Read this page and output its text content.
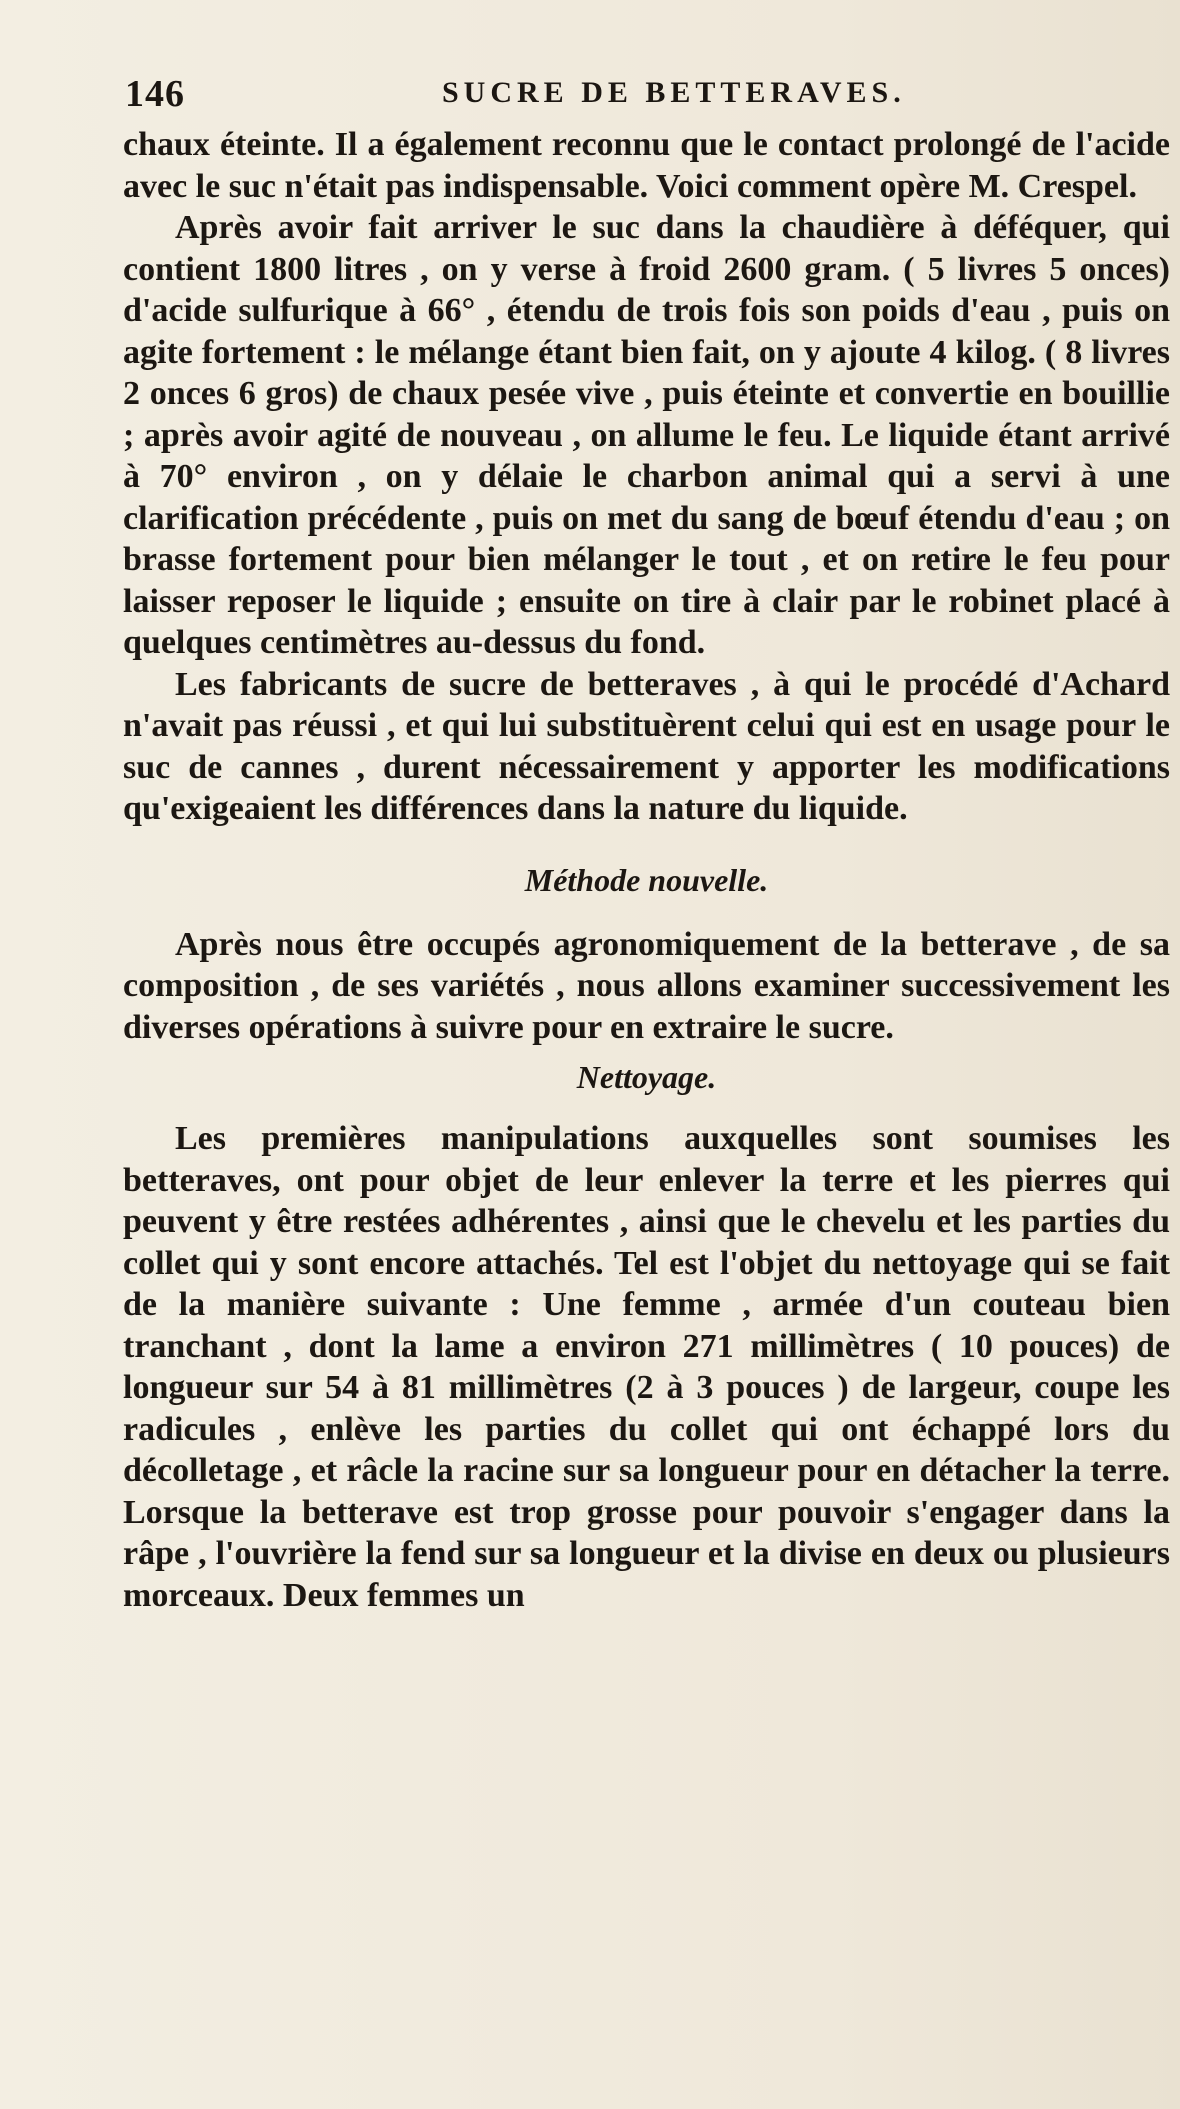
146	SUCRE DE BETTERAVES.

chaux éteinte. Il a également reconnu que le contact prolongé de l'acide avec le suc n'était pas indispensable. Voici comment opère M. Crespel.

Après avoir fait arriver le suc dans la chaudière à déféquer, qui contient 1800 litres , on y verse à froid 2600 gram. ( 5 livres 5 onces) d'acide sulfurique à 66° , étendu de trois fois son poids d'eau , puis on agite fortement : le mélange étant bien fait, on y ajoute 4 kilog. ( 8 livres 2 onces 6 gros) de chaux pesée vive , puis éteinte et convertie en bouillie ; après avoir agité de nouveau , on allume le feu. Le liquide étant arrivé à 70° environ , on y délaie le charbon animal qui a servi à une clarification précédente , puis on met du sang de bœuf étendu d'eau ; on brasse fortement pour bien mélanger le tout , et on retire le feu pour laisser reposer le liquide ; ensuite on tire à clair par le robinet placé à quelques centimètres au-dessus du fond.

Les fabricants de sucre de betteraves , à qui le procédé d'Achard n'avait pas réussi , et qui lui substituèrent celui qui est en usage pour le suc de cannes , durent nécessairement y apporter les modifications qu'exigeaient les différences dans la nature du liquide.

Méthode nouvelle.

Après nous être occupés agronomiquement de la betterave , de sa composition , de ses variétés , nous allons examiner successivement les diverses opérations à suivre pour en extraire le sucre.

Nettoyage.

Les premières manipulations auxquelles sont soumises les betteraves, ont pour objet de leur enlever la terre et les pierres qui peuvent y être restées adhérentes , ainsi que le chevelu et les parties du collet qui y sont encore attachés. Tel est l'objet du nettoyage qui se fait de la manière suivante : Une femme , armée d'un couteau bien tranchant , dont la lame a environ 271 millimètres ( 10 pouces) de longueur sur 54 à 81 millimètres (2 à 3 pouces ) de largeur, coupe les radicules , enlève les parties du collet qui ont échappé lors du décolletage , et râcle la racine sur sa longueur pour en détacher la terre. Lorsque la betterave est trop grosse pour pouvoir s'engager dans la râpe , l'ouvrière la fend sur sa longueur et la divise en deux ou plusieurs morceaux. Deux femmes un
